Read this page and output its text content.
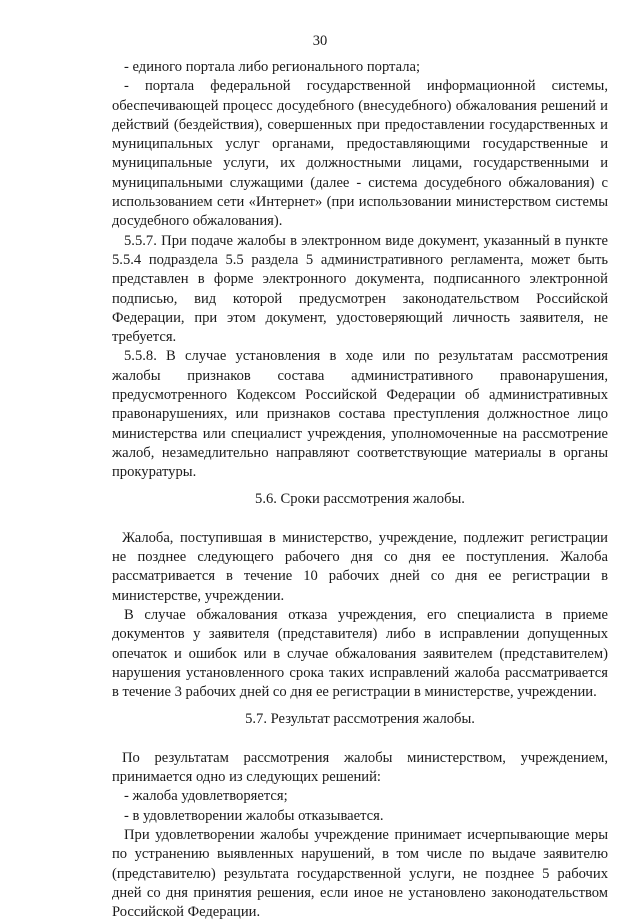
30

- единого портала либо регионального портала;

- портала федеральной государственной информационной системы, обеспечивающей процесс досудебного (внесудебного) обжалования решений и действий (бездействия), совершенных при предоставлении государственных и муниципальных услуг органами, предоставляющими государственные и муниципальные услуги, их должностными лицами, государственными и муниципальными служащими (далее - система досудебного обжалования) с использованием сети «Интернет» (при использовании министерством системы досудебного обжалования).

5.5.7. При подаче жалобы в электронном виде документ, указанный в пункте 5.5.4 подраздела 5.5 раздела 5 административного регламента, может быть представлен в форме электронного документа, подписанного электронной подписью, вид которой предусмотрен законодательством Российской Федерации, при этом документ, удостоверяющий личность заявителя, не требуется.

5.5.8. В случае установления в ходе или по результатам рассмотрения жалобы признаков состава административного правонарушения, предусмотренного Кодексом Российской Федерации об административных правонарушениях, или признаков состава преступления должностное лицо министерства или специалист учреждения, уполномоченные на рассмотрение жалоб, незамедлительно направляют соответствующие материалы в органы прокуратуры.

5.6. Сроки рассмотрения жалобы.

Жалоба, поступившая в министерство, учреждение, подлежит регистрации не позднее следующего рабочего дня со дня ее поступления. Жалоба рассматривается в течение 10 рабочих дней со дня ее регистрации в министерстве, учреждении.

В случае обжалования отказа учреждения, его специалиста в приеме документов у заявителя (представителя) либо в исправлении допущенных опечаток и ошибок или в случае обжалования заявителем (представителем) нарушения установленного срока таких исправлений жалоба рассматривается в течение 3 рабочих дней со дня ее регистрации в министерстве, учреждении.

5.7. Результат рассмотрения жалобы.

По результатам рассмотрения жалобы министерством, учреждением, принимается одно из следующих решений:

- жалоба удовлетворяется;

- в удовлетворении жалобы отказывается.

При удовлетворении жалобы учреждение принимает исчерпывающие меры по устранению выявленных нарушений, в том числе по выдаче заявителю (представителю) результата государственной услуги, не позднее 5 рабочих дней со дня принятия решения, если иное не установлено законодательством Российской Федерации.
